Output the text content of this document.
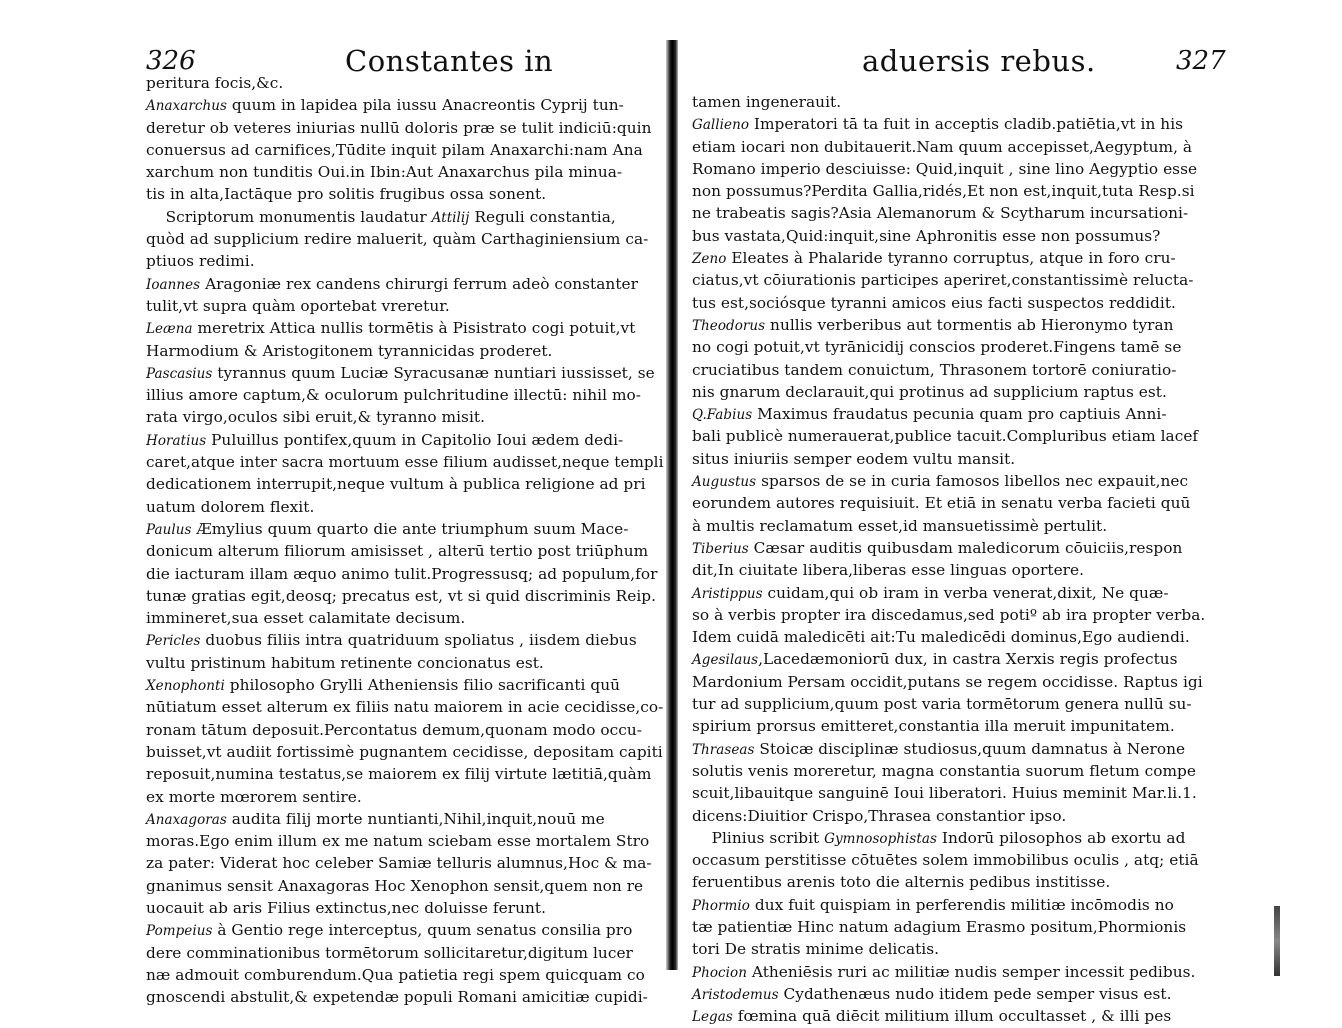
326	Constantes in
peritura focis,&c.
Anaxarchus quum in lapidea pila iussu Anacreontis Cyprij tun-
deretur ob veteres iniurias nullū doloris præ se tulit indiciū:quin
conuersus ad carnifices,Tūdite inquit pilam Anaxarchi:nam Ana
xarchum non tunditis Oui.in Ibin:Aut Anaxarchus pila minua-
tis in alta,Iactāque pro solitis frugibus ossa sonent.
Scriptorum monumentis laudatur Attilij Reguli constantia,
quòd ad supplicium redire maluerit, quàm Carthaginiensium ca-
ptiuos redimi.
Ioannes Aragoniæ rex candens chirurgi ferrum adeò constanter
tulit,vt supra quàm oportebat vreretur.
Leæna meretrix Attica nullis tormētis à Pisistrato cogi potuit,vt
Harmodium & Aristogitonem tyrannicidas proderet.
Pascasius tyrannus quum Luciæ Syracusanæ nuntiari iussisset, se
illius amore captum,& oculorum pulchritudine illectū: nihil mo-
rata virgo,oculos sibi eruit,& tyranno misit.
Horatius Puluillus pontifex,quum in Capitolio Ioui ædem dedi-
caret,atque inter sacra mortuum esse filium audisset,neque templi
dedicationem interrupit,neque vultum à publica religione ad pri
uatum dolorem flexit.
Paulus Æmylius quum quarto die ante triumphum suum Mace-
donicum alterum filiorum amisisset , alterū tertio post triūphum
die iacturam illam æquo animo tulit.Progressusq; ad populum,for
tunæ gratias egit,deosq; precatus est, vt si quid discriminis Reip.
immineret,sua esset calamitate decisum.
Pericles duobus filiis intra quatriduum spoliatus , iisdem diebus
vultu pristinum habitum retinente concionatus est.
Xenophonti philosopho Grylli Atheniensis filio sacrificanti quū
nūtiatum esset alterum ex filiis natu maiorem in acie cecidisse,co-
ronam tātum deposuit.Percontatus demum,quonam modo occu-
buisset,vt audiit fortissimè pugnantem cecidisse, depositam capiti
reposuit,numina testatus,se maiorem ex filij virtute lætitiā,quàm
ex morte mœrorem sentire.
Anaxagoras audita filij morte nuntianti,Nihil,inquit,nouū me
moras.Ego enim illum ex me natum sciebam esse mortalem Stro
za pater: Viderat hoc celeber Samiæ telluris alumnus,Hoc & ma-
gnanimus sensit Anaxagoras Hoc Xenophon sensit,quem non re
uocauit ab aris Filius extinctus,nec doluisse ferunt.
Pompeius à Gentio rege interceptus, quum senatus consilia pro
dere comminationibus tormētorum sollicitaretur,digitum lucer
næ admouit comburendum.Qua patietia regi spem quicquam co
gnoscendi abstulit,& expetendæ populi Romani amicitiæ cupidi-
aduersis rebus.	327
tamen ingenerauit.
Gallieno Imperatori tā ta fuit in acceptis cladib.patiētia,vt in his
etiam iocari non dubitauerit.Nam quum accepisset,Aegyptum, à
Romano imperio desciuisse: Quid,inquit , sine lino Aegyptio esse
non possumus?Perdita Gallia,ridés,Et non est,inquit,tuta Resp.si
ne trabeatis sagis?Asia Alemanorum & Scytharum incursationi-
bus vastata,Quid:inquit,sine Aphronitis esse non possumus?
Zeno Eleates à Phalaride tyranno corruptus, atque in foro cru-
ciatus,vt cōiurationis participes aperiret,constantissimè relucta-
tus est,sociósque tyranni amicos eius facti suspectos reddidit.
Theodorus nullis verberibus aut tormentis ab Hieronymo tyran
no cogi potuit,vt tyrānicidij conscios proderet.Fingens tamē se
cruciatibus tandem conuictum, Thrasonem tortorē coniuratio-
nis gnarum declarauit,qui protinus ad supplicium raptus est.
Q.Fabius Maximus fraudatus pecunia quam pro captiuis Anni-
bali publicè numerauerat,publice tacuit.Compluribus etiam lacef
situs iniuriis semper eodem vultu mansit.
Augustus sparsos de se in curia famosos libellos nec expauit,nec
eorundem autores requisiuit. Et etiā in senatu verba facieti quū
à multis reclamatum esset,id mansuetissimè pertulit.
Tiberius Cæsar auditis quibusdam maledicorum cōuiciis,respon
dit,In ciuitate libera,liberas esse linguas oportere.
Aristippus cuidam,qui ob iram in verba venerat,dixit, Ne quæ-
so à verbis propter ira discedamus,sed potiº ab ira propter verba.
Idem cuidā maledicēti ait:Tu maledicēdi dominus,Ego audiendi.
Agesilaus,Lacedæmoniorū dux, in castra Xerxis regis profectus
Mardonium Persam occidit,putans se regem occidisse. Raptus igi
tur ad supplicium,quum post varia tormētorum genera nullū su-
spirium prorsus emitteret,constantia illa meruit impunitatem.
Thraseas Stoicæ disciplinæ studiosus,quum damnatus à Nerone
solutis venis moreretur, magna constantia suorum fletum compe
scuit,libauitque sanguinē Ioui liberatori. Huius meminit Mar.li.1.
dicens:Diuitior Crispo,Thrasea constantior ipso.
Plinius scribit Gymnosophistas Indorū pilosophos ab exortu ad
occasum perstitisse cōtuētes solem immobilibus oculis , atq; etiā
feruentibus arenis toto die alternis pedibus institisse.
Phormio dux fuit quispiam in perferendis militiæ incōmodis no
tæ patientiæ Hinc natum adagium Erasmo positum,Phormionis
tori De stratis minime delicatis.
Phocion Atheniēsis ruri ac militiæ nudis semper incessit pedibus.
Aristodemus Cydathenæus nudo itidem pede semper visus est.
Legas fœmina quā diēcit militium illum occultasset , & illi pes
